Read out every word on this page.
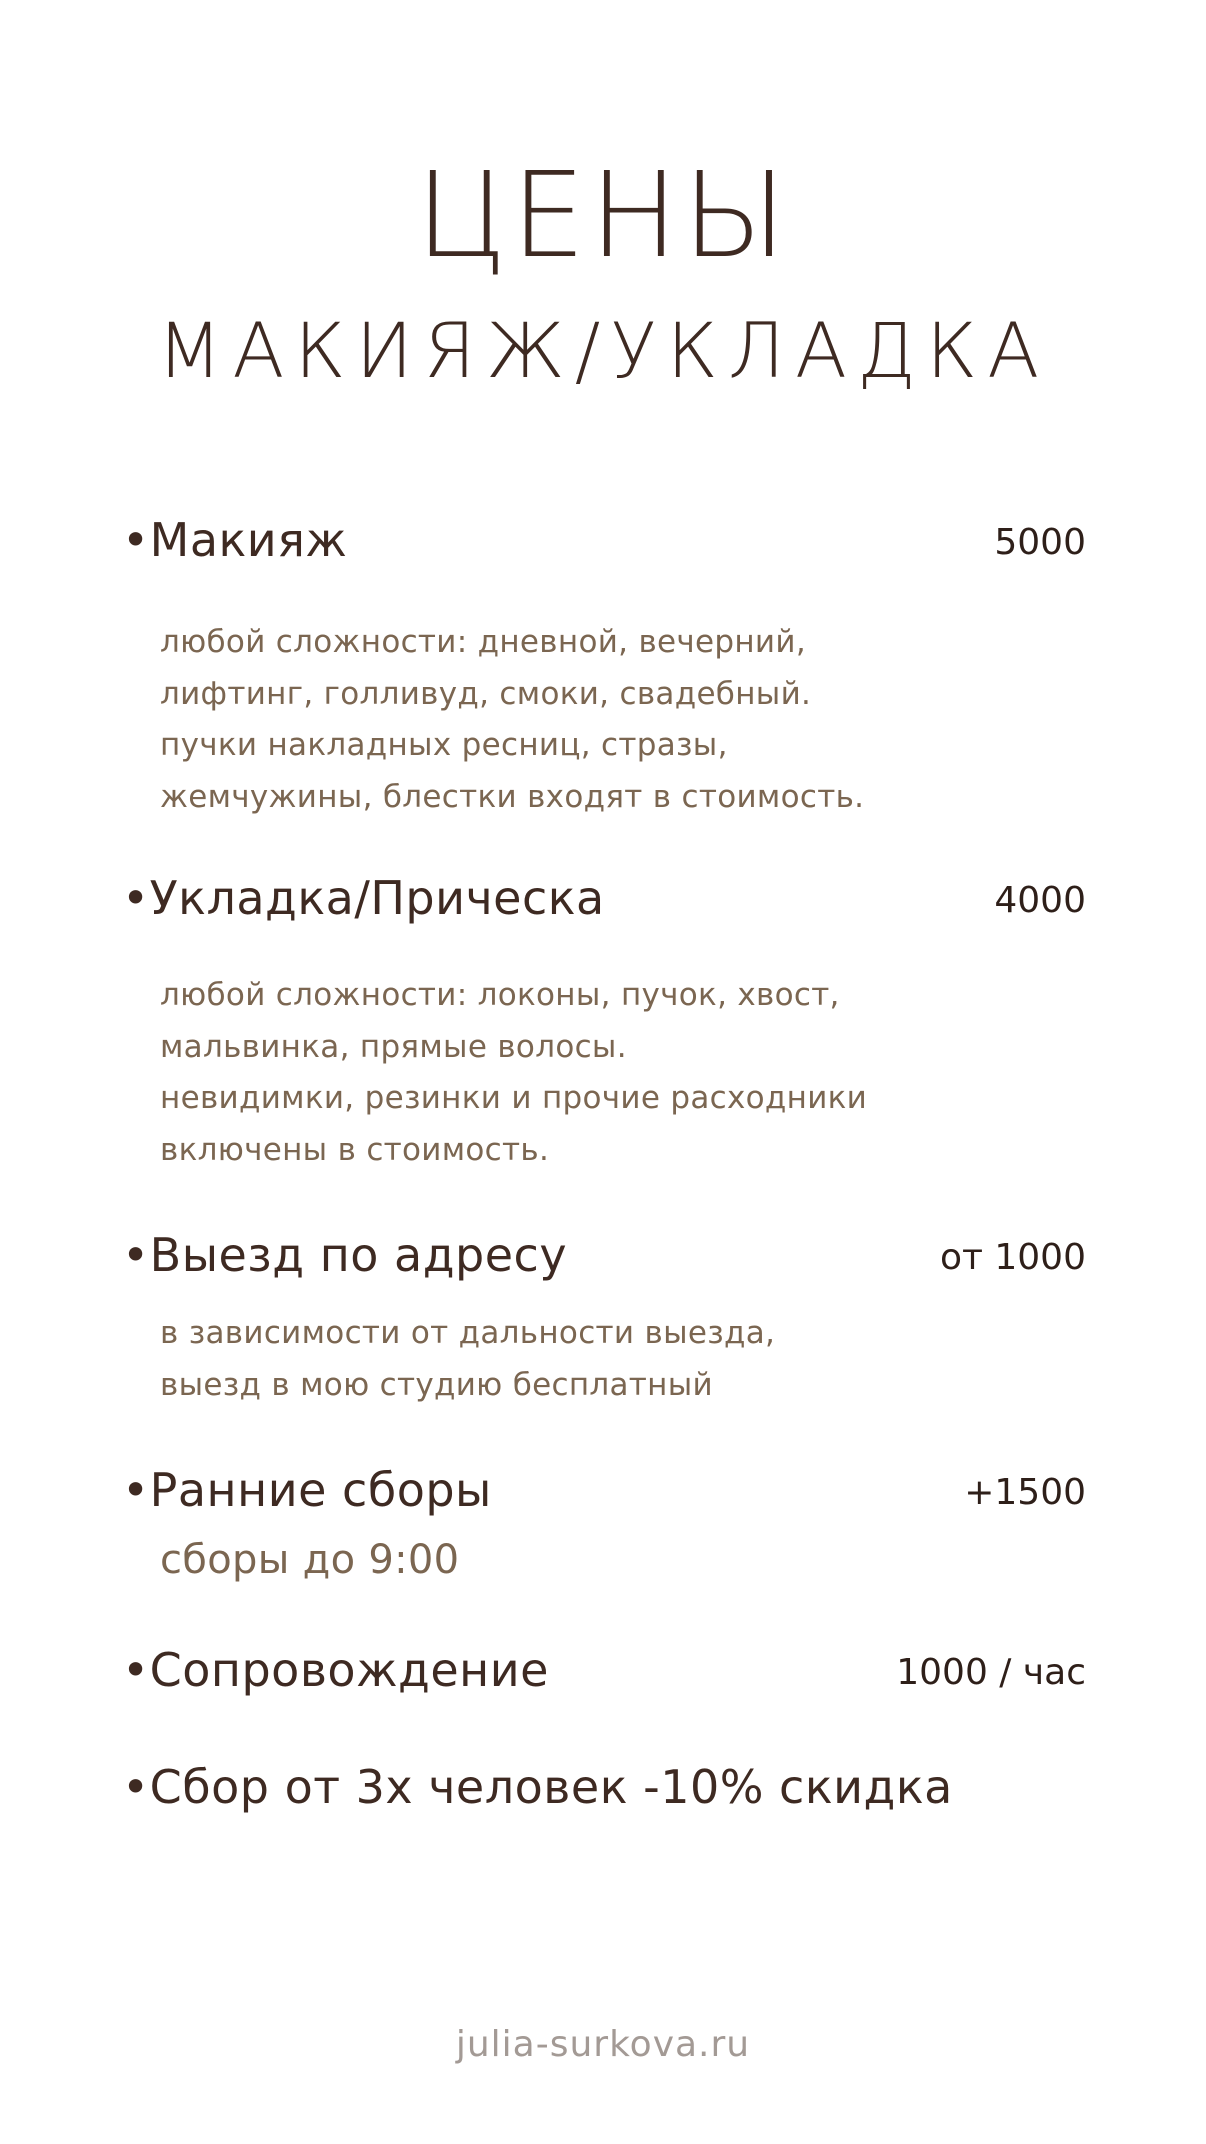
ЦЕНЫ
МАКИЯЖ/УКЛАДКА
•Макияж	5000
любой сложности: дневной, вечерний,
лифтинг, голливуд, смоки, свадебный.
пучки накладных ресниц, стразы,
жемчужины, блестки входят в стоимость.
•Укладка/Прическа	4000
любой сложности: локоны, пучок, хвост,
мальвинка, прямые волосы.
невидимки, резинки и прочие расходники
включены в стоимость.
•Выезд по адресу	от 1000
в зависимости от дальности выезда,
выезд в мою студию бесплатный
•Ранние сборы	+1500
сборы до 9:00
•Сопровождение	1000 / час
•Сбор от 3х человек -10% скидка
julia-surkova.ru
